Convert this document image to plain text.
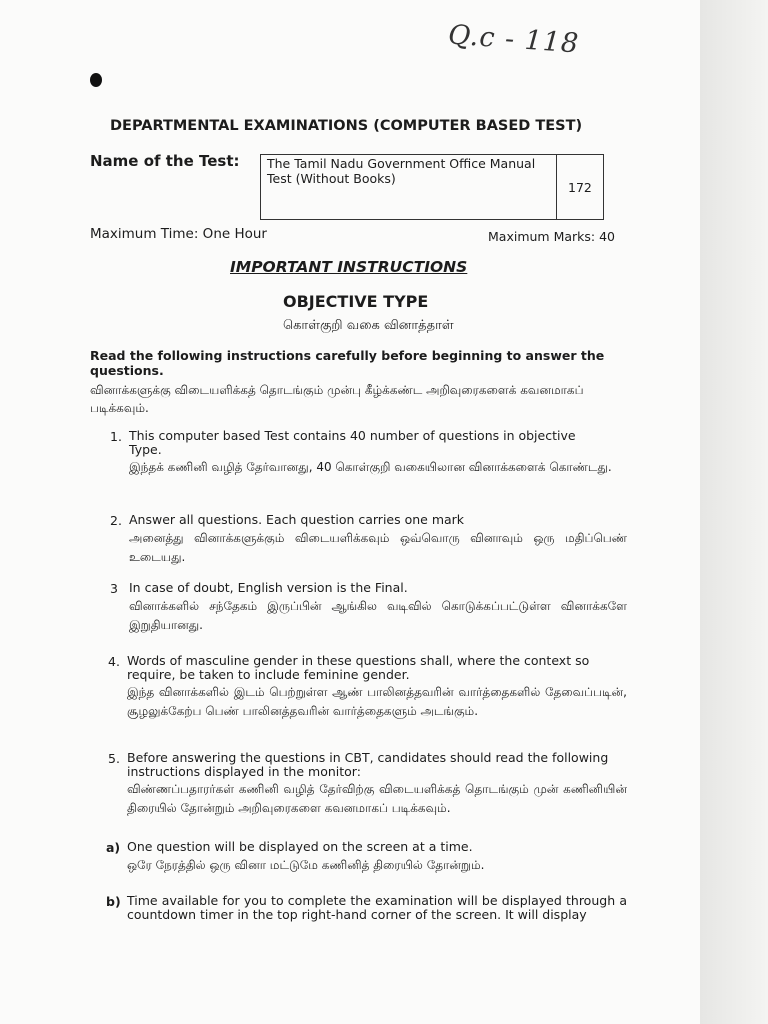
Q.c - 118
DEPARTMENTAL EXAMINATIONS (COMPUTER BASED TEST)
Name of the Test: The Tamil Nadu Government Office Manual Test (Without Books)
172
Maximum Time: One Hour	Maximum Marks: 40
IMPORTANT INSTRUCTIONS
OBJECTIVE TYPE
கொள்குறி வகை வினாத்தாள்
Read the following instructions carefully before beginning to answer the questions.
வினாக்களுக்கு விடையளிக்கத் தொடங்கும் முன்பு கீழ்க்கண்ட அறிவுரைகளைக் கவனமாகப் படிக்கவும்.
1. This computer based Test contains 40 number of questions in objective Type.
இந்தக் கணினி வழித் தேர்வானது, 40 கொள்குறி வகையிலான வினாக்களைக் கொண்டது.
2. Answer all questions. Each question carries one mark
அனைத்து வினாக்களுக்கும் விடையளிக்கவும் ஒவ்வொரு வினாவும் ஒரு மதிப்பெண் உடையது.
3 In case of doubt, English version is the Final.
வினாக்களில் சந்தேகம் இருப்பின் ஆங்கில வடிவில் கொடுக்கப்பட்டுள்ள வினாக்களே இறுதியானது.
4. Words of masculine gender in these questions shall, where the context so require, be taken to include feminine gender.
இந்த வினாக்களில் இடம் பெற்றுள்ள ஆண் பாலினத்தவரின் வார்த்தைகளில் தேவைப்படின், சூழலுக்கேற்ப பெண் பாலினத்தவரின் வார்த்தைகளும் அடங்கும்.
5. Before answering the questions in CBT, candidates should read the following instructions displayed in the monitor:
விண்ணப்பதாரர்கள் கணினி வழித் தேர்விற்கு விடையளிக்கத் தொடங்கும் முன் கணினியின் திரையில் தோன்றும் அறிவுரைகளை கவனமாகப் படிக்கவும்.
a) One question will be displayed on the screen at a time.
ஒரே நேரத்தில் ஒரு வினா மட்டுமே கணினித் திரையில் தோன்றும்.
b) Time available for you to complete the examination will be displayed through a countdown timer in the top right-hand corner of the screen. It will display
